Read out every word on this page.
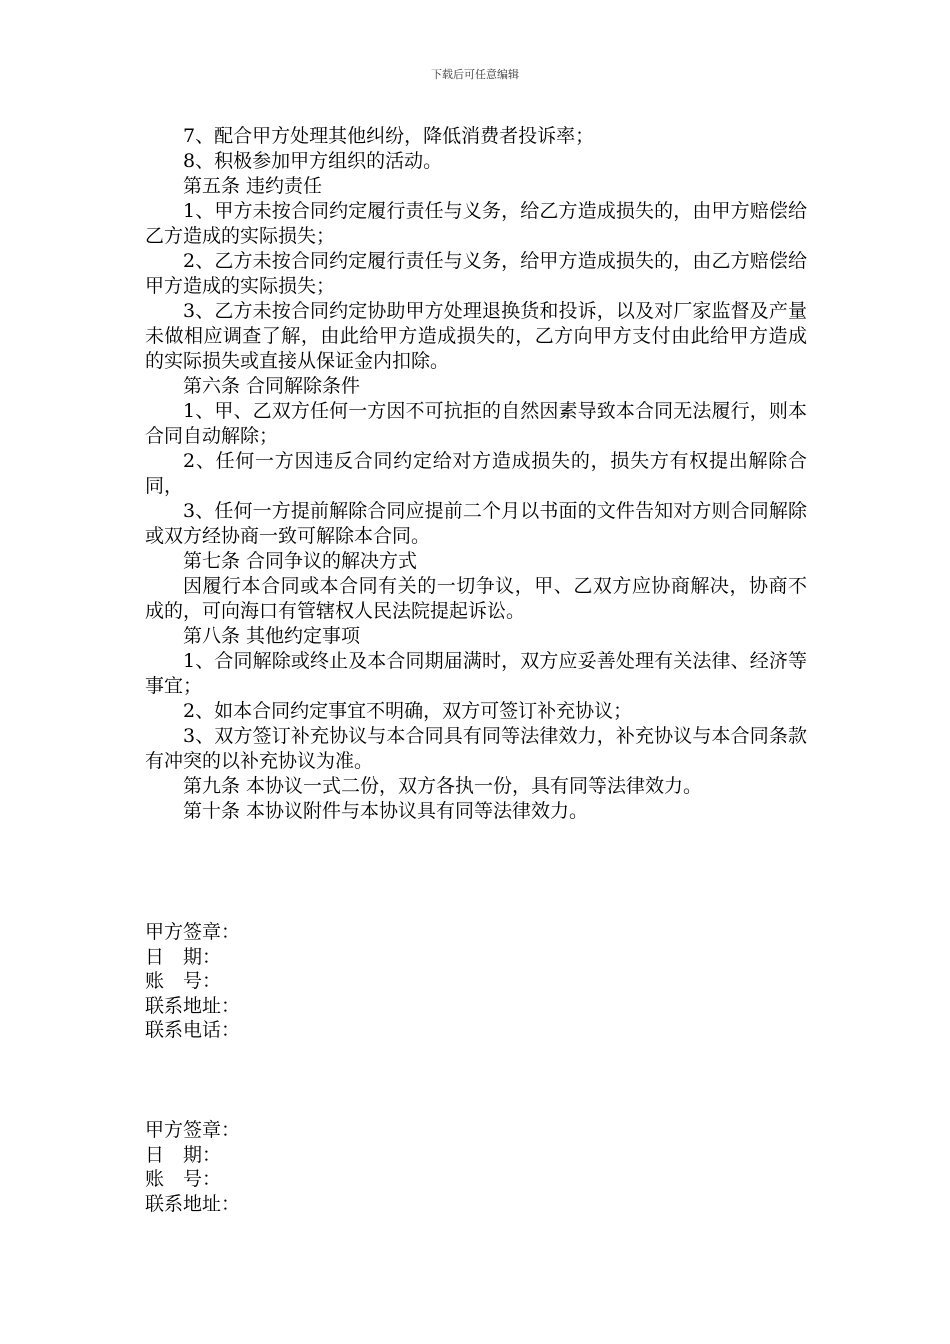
下载后可任意编辑

7、配合甲方处理其他纠纷，降低消费者投诉率；

8、积极参加甲方组织的活动。

第五条 违约责任

1、甲方未按合同约定履行责任与义务，给乙方造成损失的，由甲方赔偿给乙方造成的实际损失；

2、乙方未按合同约定履行责任与义务，给甲方造成损失的，由乙方赔偿给甲方造成的实际损失；

3、乙方未按合同约定协助甲方处理退换货和投诉，以及对厂家监督及产量未做相应调查了解，由此给甲方造成损失的，乙方向甲方支付由此给甲方造成的实际损失或直接从保证金内扣除。

第六条 合同解除条件

1、甲、乙双方任何一方因不可抗拒的自然因素导致本合同无法履行，则本合同自动解除；

2、任何一方因违反合同约定给对方造成损失的，损失方有权提出解除合同，

3、任何一方提前解除合同应提前二个月以书面的文件告知对方则合同解除或双方经协商一致可解除本合同。

第七条 合同争议的解决方式

因履行本合同或本合同有关的一切争议，甲、乙双方应协商解决，协商不成的，可向海口有管辖权人民法院提起诉讼。

第八条 其他约定事项

1、合同解除或终止及本合同期届满时，双方应妥善处理有关法律、经济等事宜；

2、如本合同约定事宜不明确，双方可签订补充协议；

3、双方签订补充协议与本合同具有同等法律效力，补充协议与本合同条款有冲突的以补充协议为准。

第九条 本协议一式二份，双方各执一份，具有同等法律效力。

第十条 本协议附件与本协议具有同等法律效力。

甲方签章：

日　期：

账　号：

联系地址：

联系电话：

甲方签章：

日　期：

账　号：

联系地址：
